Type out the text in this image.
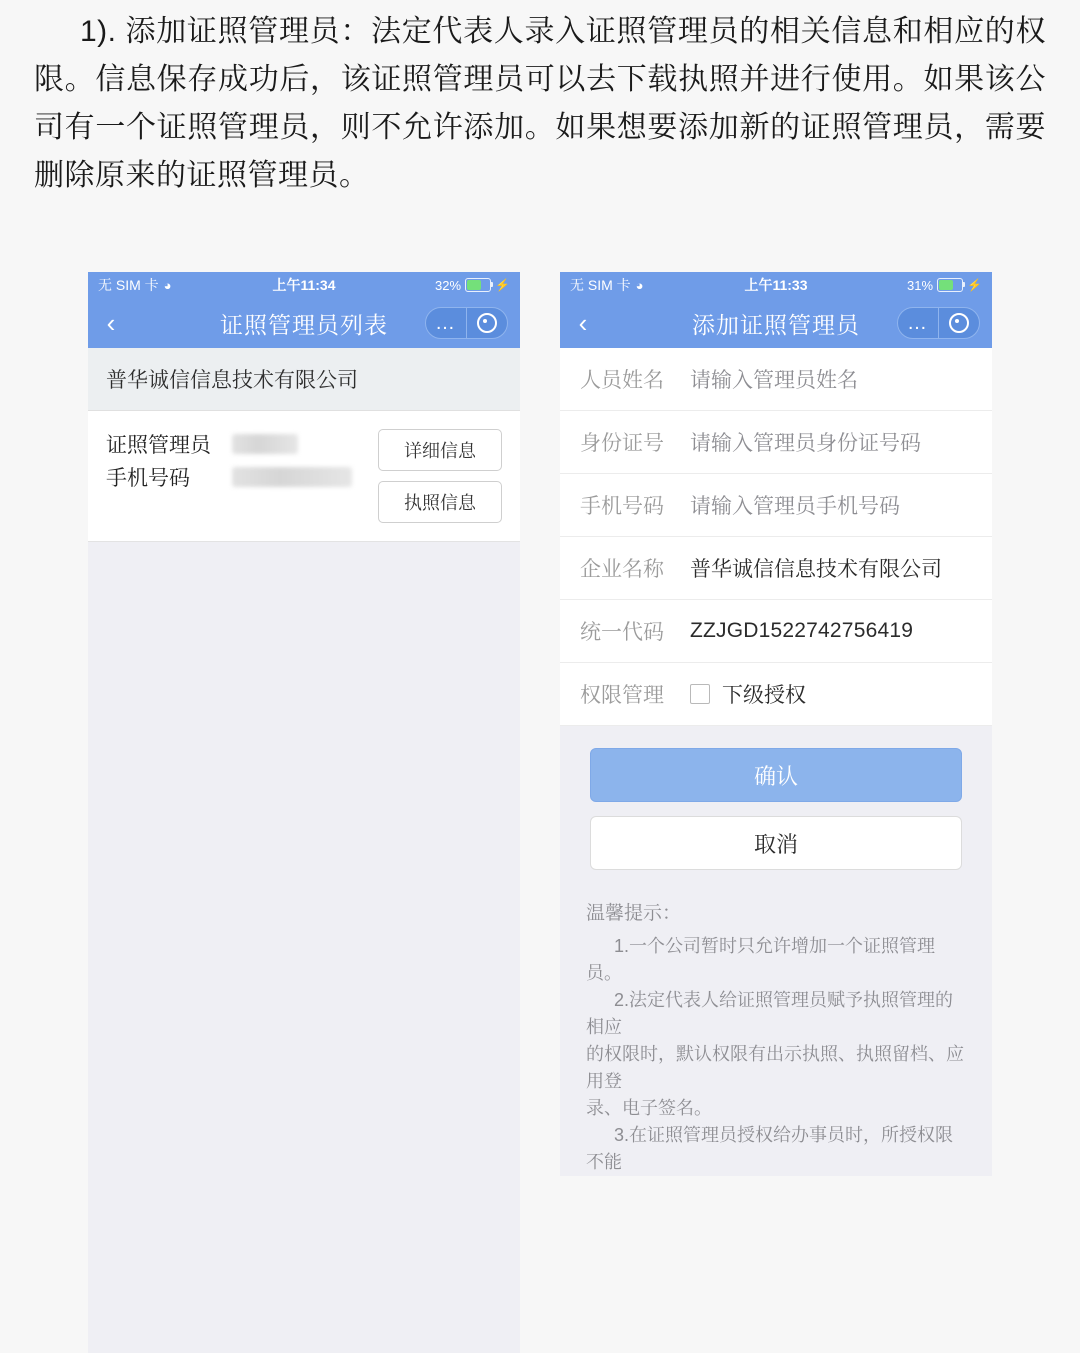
1). 添加证照管理员：法定代表人录入证照管理员的相关信息和相应的权限。信息保存成功后，该证照管理员可以去下载执照并进行使用。如果该公司有一个证照管理员，则不允许添加。如果想要添加新的证照管理员，需要删除原来的证照管理员。
无 SIM 卡 ◕	上午11:34	32%	⚡
‹	证照管理员列表	…
普华诚信信息技术有限公司
证照管理员
手机号码
详细信息
执照信息
无 SIM 卡 ◕	上午11:33	31%	⚡
‹	添加证照管理员	…
人员姓名	请输入管理员姓名
身份证号	请输入管理员身份证号码
手机号码	请输入管理员手机号码
企业名称	普华诚信信息技术有限公司
统一代码	ZZJGD1522742756419
权限管理	下级授权
确认
取消
温馨提示：
1.一个公司暂时只允许增加一个证照管理员。
2.法定代表人给证照管理员赋予执照管理的相应
的权限时，默认权限有出示执照、执照留档、应用登
录、电子签名。
3.在证照管理员授权给办事员时，所授权限不能
